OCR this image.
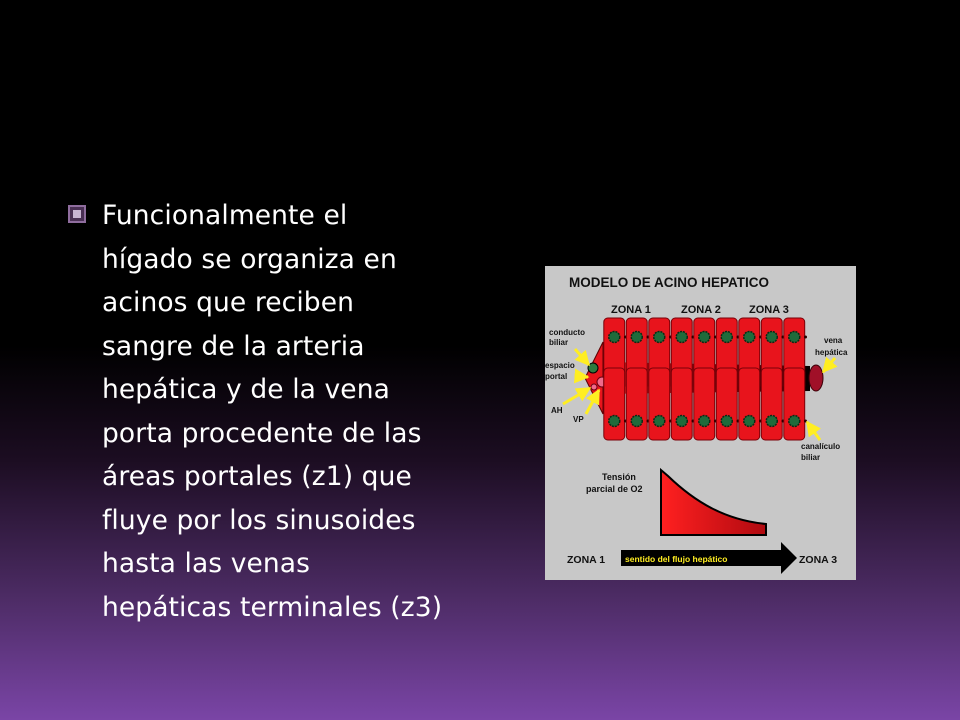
Funcionalmente el
hígado se organiza en
acinos que reciben
sangre de la arteria
hepática y de la vena
porta procedente de las
áreas portales (z1) que
fluye por los sinusoides
hasta las venas
hepáticas terminales (z3)
MODELO DE ACINO HEPATICO
ZONA 1	ZONA 2	ZONA 3
conducto
biliar
espacio
portal
AH
VP
vena
hepática
canalículo
biliar
Tensión
parcial de O2
ZONA 1 sentido del flujo hepático	ZONA 3
